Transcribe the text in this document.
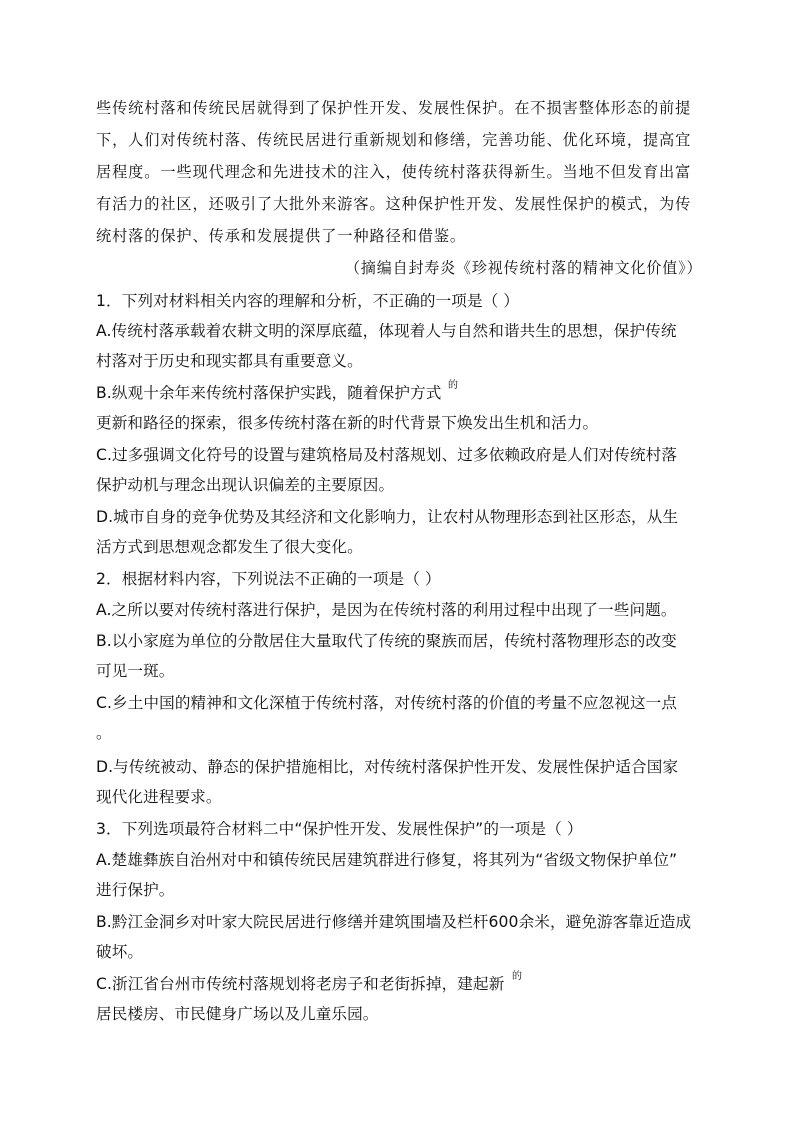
些传统村落和传统民居就得到了保护性开发、发展性保护。在不损害整体形态的前提
下，人们对传统村落、传统民居进行重新规划和修缮，完善功能、优化环境，提高宜
居程度。一些现代理念和先进技术的注入，使传统村落获得新生。当地不但发育出富
有活力的社区，还吸引了大批外来游客。这种保护性开发、发展性保护的模式，为传
统村落的保护、传承和发展提供了一种路径和借鉴。
（摘编自封寿炎《珍视传统村落的精神文化价值》）
1．下列对材料相关内容的理解和分析，不正确的一项是（ ）
A.传统村落承载着农耕文明的深厚底蕴，体现着人与自然和谐共生的思想，保护传统
村落对于历史和现实都具有重要意义。
B.纵观十余年来传统村落保护实践，随着保护方式 的
更新和路径的探索，很多传统村落在新的时代背景下焕发出生机和活力。
C.过多强调文化符号的设置与建筑格局及村落规划、过多依赖政府是人们对传统村落
保护动机与理念出现认识偏差的主要原因。
D.城市自身的竞争优势及其经济和文化影响力，让农村从物理形态到社区形态，从生
活方式到思想观念都发生了很大变化。
2．根据材料内容，下列说法不正确的一项是（ ）
A.之所以要对传统村落进行保护，是因为在传统村落的利用过程中出现了一些问题。
B.以小家庭为单位的分散居住大量取代了传统的聚族而居，传统村落物理形态的改变
可见一斑。
C.乡土中国的精神和文化深植于传统村落，对传统村落的价值的考量不应忽视这一点
。
D.与传统被动、静态的保护措施相比，对传统村落保护性开发、发展性保护适合国家
现代化进程要求。
3．下列选项最符合材料二中“保护性开发、发展性保护”的一项是（ ）
A.楚雄彝族自治州对中和镇传统民居建筑群进行修复，将其列为“省级文物保护单位”
进行保护。
B.黔江金洞乡对叶家大院民居进行修缮并建筑围墙及栏杆600余米，避免游客靠近造成
破坏。
C.浙江省台州市传统村落规划将老房子和老街拆掉，建起新 的
居民楼房、市民健身广场以及儿童乐园。
